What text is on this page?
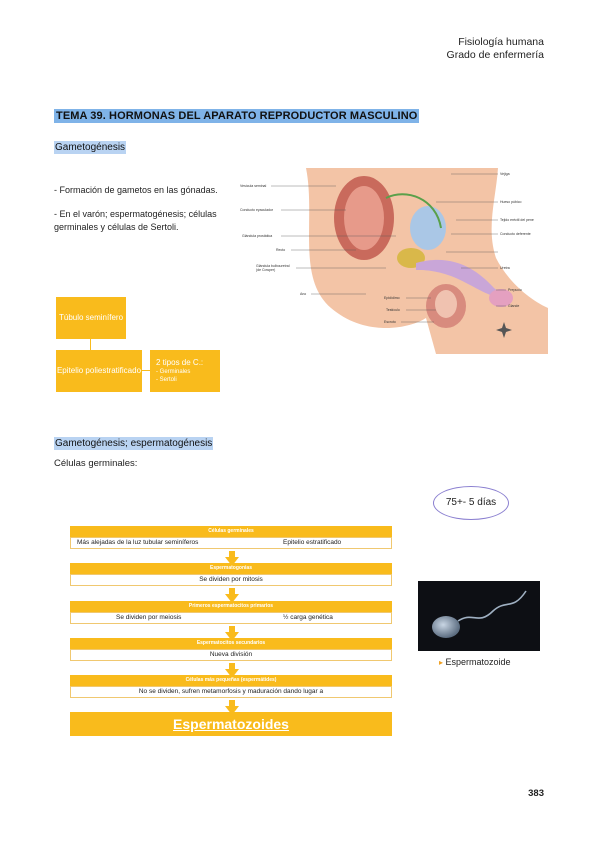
Fisiología humana
Grado de enfermería
TEMA 39. HORMONAS DEL APARATO REPRODUCTOR MASCULINO
Gametogénesis
- Formación de gametos en las gónadas.
- En el varón; espermatogénesis; células germinales y células de Sertoli.
Vesícula seminal
Conducto eyaculador
Glándula prostática
Recto
Glándula bulbouretral (de Cowper)
Ano
Vejiga
Hueso púbico
Tejido eréctil del pene
Conducto deferente
Uretra
Epidídimo
Testículo
Escroto
Prepucio
Glande
Túbulo seminífero
Epitelio poliestratificado
2 tipos de C.:
- Germinales
- Sertoli
Gametogénesis; espermatogénesis
Células germinales:
Células germinales
Más alejadas de la luz tubular seminíferos	Epitelio estratificado
Espermatogonias
Se dividen por mitosis
Primeros espermatocitos primarios
Se dividen por meiosis	½ carga genética
Espermatocitos secundarios
Nueva división
Células más pequeñas (espermátides)
No se dividen, sufren metamorfosis y maduración dando lugar a
Espermatozoides
75+- 5 días
▸ Espermatozoide
383
